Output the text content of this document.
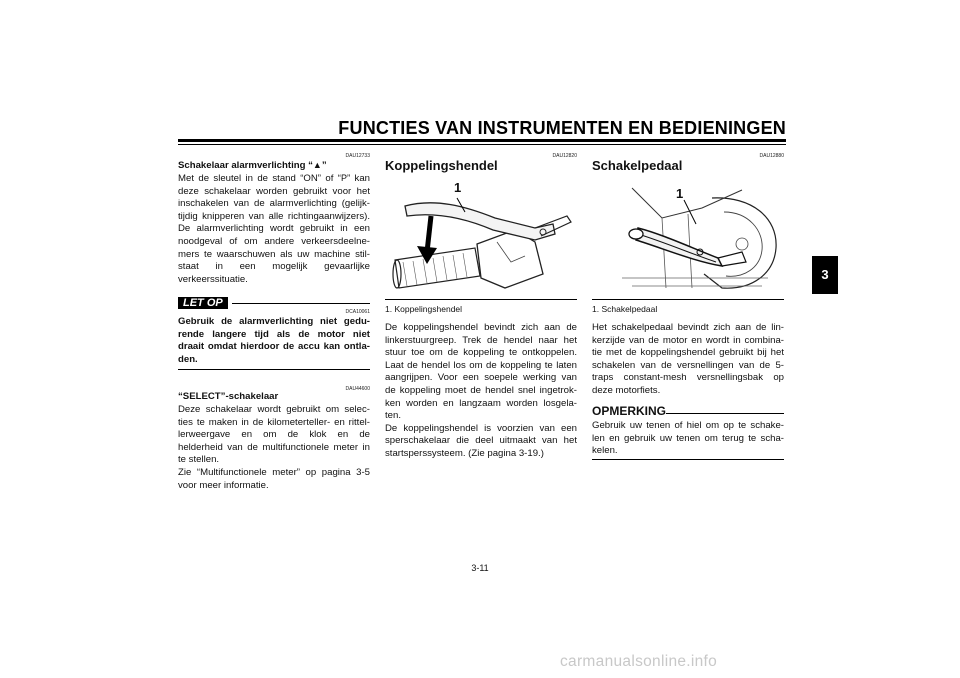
FUNCTIES VAN INSTRUMENTEN EN BEDIENINGEN
3
DAU12733
Schakelaar alarmverlichting “▲”
Met de sleutel in de stand “ON” of “P” kan
deze schakelaar worden gebruikt voor het
inschakelen van de alarmverlichting (gelijk-
tijdig knipperen van alle richtingaanwijzers).
De alarmverlichting wordt gebruikt in een
noodgeval of om andere verkeersdeelne-
mers te waarschuwen als uw machine stil-
staat in een mogelijk gevaarlijke
verkeerssituatie.
LET OP
DCA10061
Gebruik de alarmverlichting niet gedu-
rende langere tijd als de motor niet
draait omdat hierdoor de accu kan ontla-
den.
DAU44600
“SELECT”-schakelaar
Deze schakelaar wordt gebruikt om selec-
ties te maken in de kilometerteller- en rittel-
lerweergave en om de klok en de
helderheid van de multifunctionele meter in
te stellen.
Zie “Multifunctionele meter” op pagina 3-5
voor meer informatie.
DAU12820
Koppelingshendel
1
1. Koppelingshendel
De koppelingshendel bevindt zich aan de
linkerstuurgreep. Trek de hendel naar het
stuur toe om de koppeling te ontkoppelen.
Laat de hendel los om de koppeling te laten
aangrijpen. Voor een soepele werking van
de koppeling moet de hendel snel ingetrok-
ken worden en langzaam worden losgela-
ten.
De koppelingshendel is voorzien van een
sperschakelaar die deel uitmaakt van het
startsperssysteem. (Zie pagina 3-19.)
DAU12880
Schakelpedaal
1
1. Schakelpedaal
Het schakelpedaal bevindt zich aan de lin-
kerzijde van de motor en wordt in combina-
tie met de koppelingshendel gebruikt bij het
schakelen van de versnellingen van de 5-
traps constant-mesh versnellingsbak op
deze motorfiets.
OPMERKING
Gebruik uw tenen of hiel om op te schake-
len en gebruik uw tenen om terug te scha-
kelen.
3-11
carmanualsonline.info
